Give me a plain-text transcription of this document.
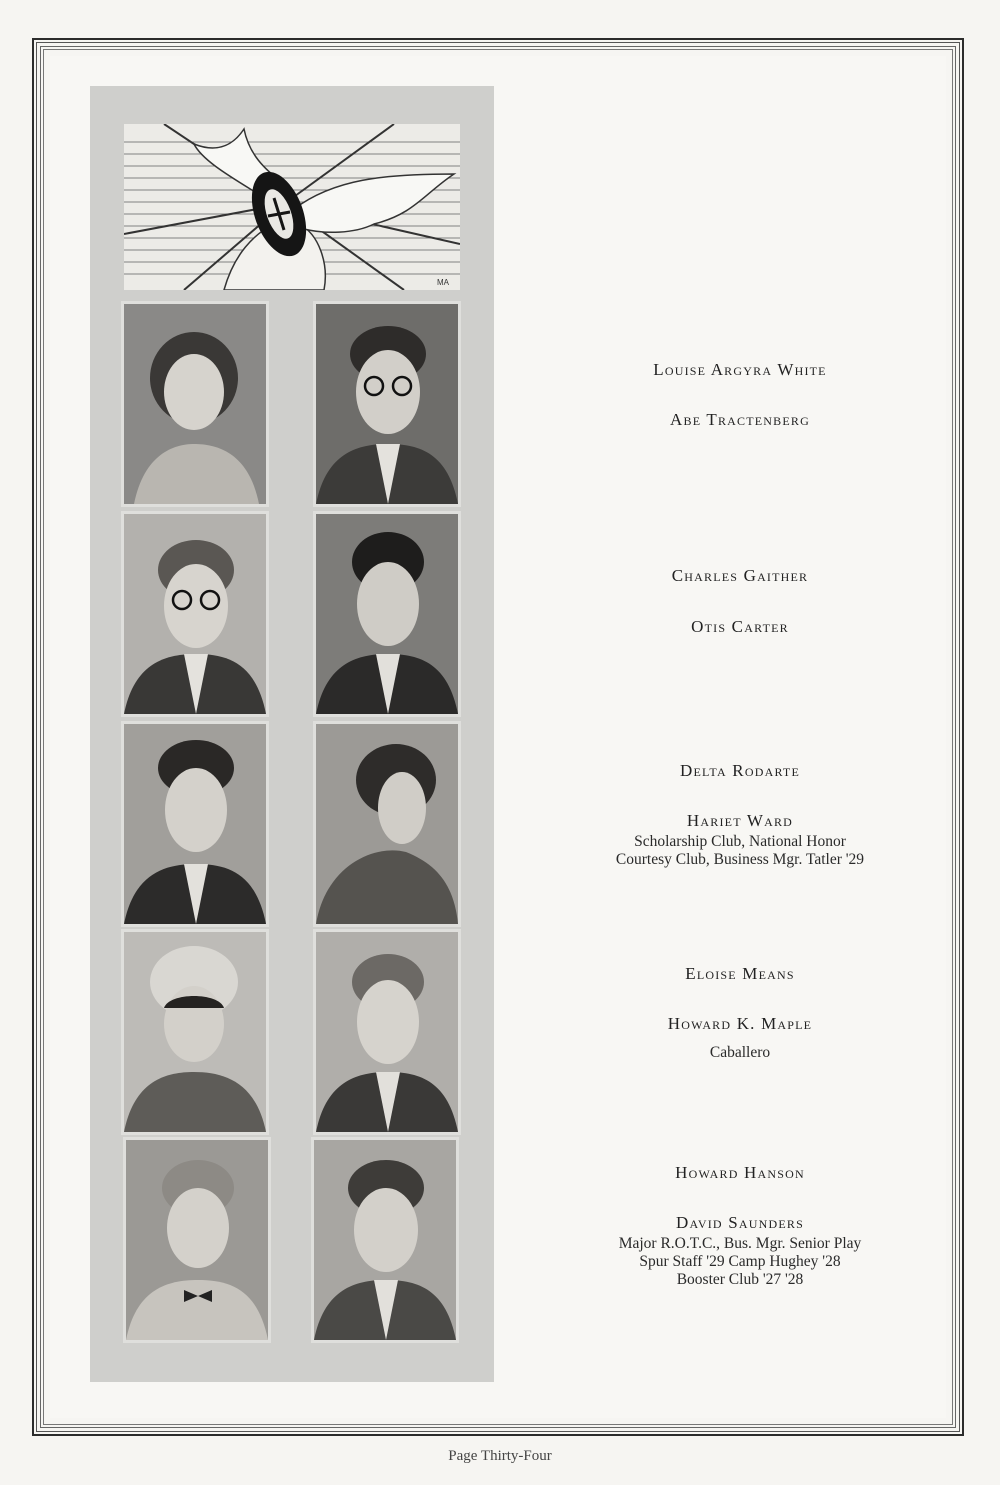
MA
Louise Argyra White
Abe Tractenberg
Charles Gaither
Otis Carter
Delta Rodarte
Hariet Ward
Scholarship Club, National Honor
Courtesy Club, Business Mgr. Tatler '29
Eloise Means
Howard K. Maple
Caballero
Howard Hanson
David Saunders
Major R.O.T.C., Bus. Mgr. Senior Play
Spur Staff '29 Camp Hughey '28
Booster Club '27 '28
Page Thirty-Four
